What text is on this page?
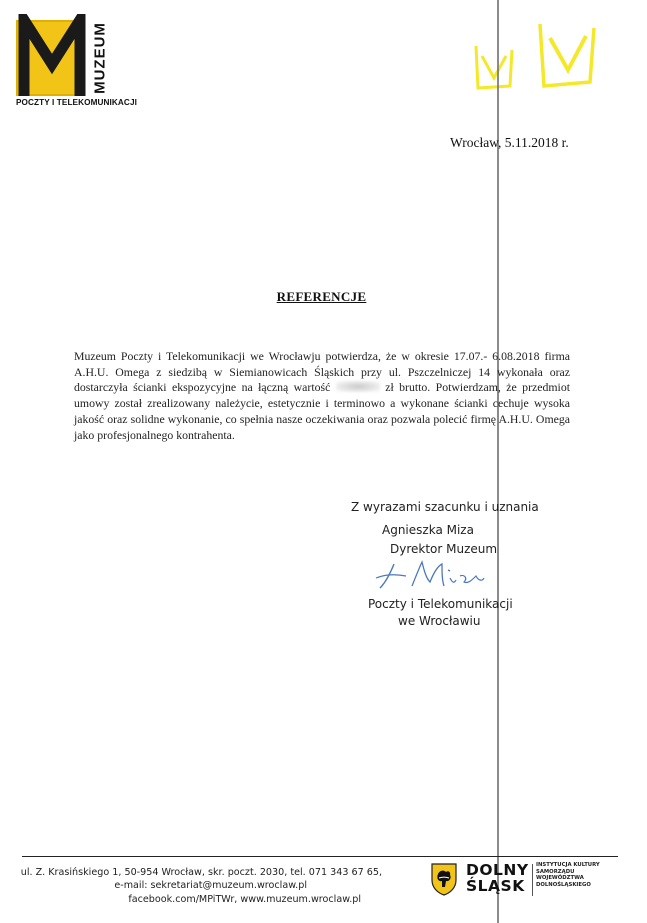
MUZEUM
POCZTY I TELEKOMUNIKACJI
Wrocław, 5.11.2018 r.
REFERENCJE
Muzeum Poczty i Telekomunikacji we Wrocławju potwierdza, że w okresie 17.07.- 6.08.2018 firma A.H.U. Omega z siedzibą w Siemianowicach Śląskich przy ul. Pszczelniczej 14 wykonała oraz dostarczyła ścianki ekspozycyjne na łączną wartość	zł brutto. Potwierdzam, że przedmiot umowy został zrealizowany należycie, estetycznie i terminowo a wykonane ścianki cechuje wysoka jakość oraz solidne wykonanie, co spełnia nasze oczekiwania oraz pozwala polecić firmę A.H.U. Omega jako profesjonalnego kontrahenta.
Z wyrazami szacunku i uznania
Agnieszka Miza
Dyrektor Muzeum
Poczty i Telekomunikacji
we Wrocławiu
ul. Z. Krasińskiego 1, 50-954 Wrocław, skr. poczt. 2030, tel. 071 343 67 65,
e-mail: sekretariat@muzeum.wroclaw.pl
facebook.com/MPiTWr, www.muzeum.wroclaw.pl
DOLNY
ŚLĄSK
INSTYTUCJA KULTURY
SAMORZĄDU
WOJEWÓDZTWA
DOLNOŚLĄSKIEGO
